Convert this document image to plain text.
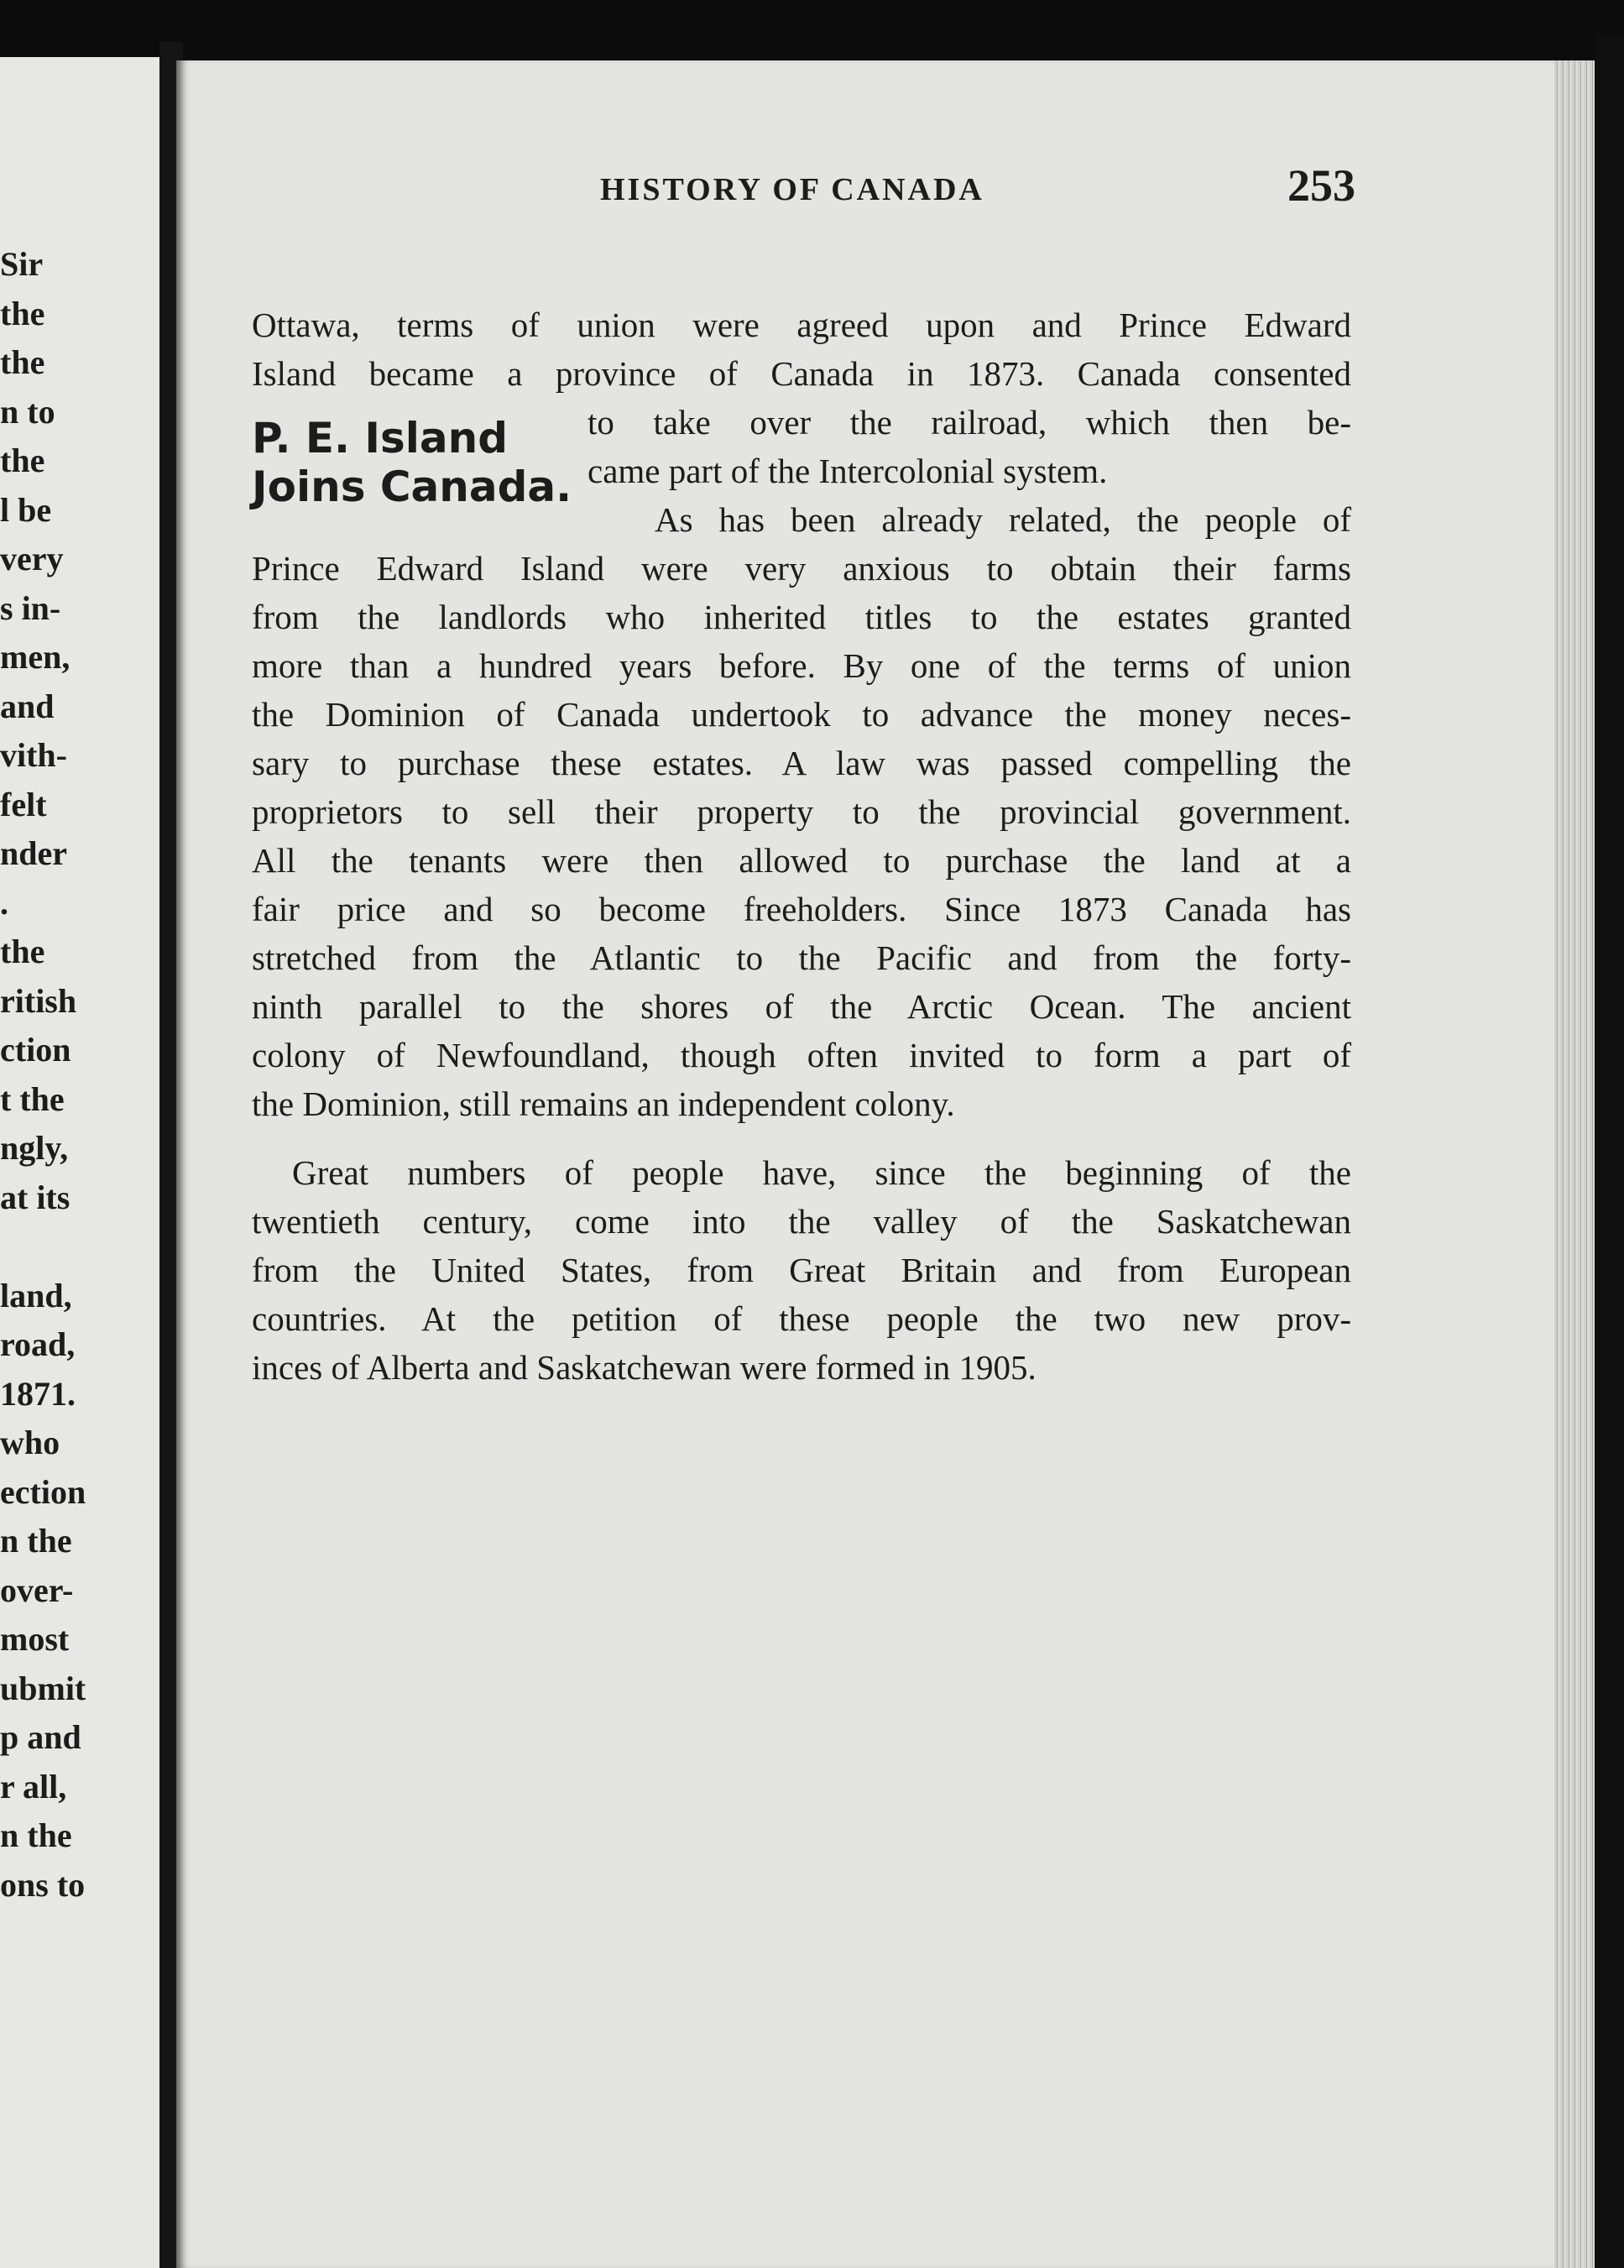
Sir
the
the
n to
the
l be
very
s in-
men,
and
vith-
felt
nder
.
the
ritish
ction
t the
ngly,
at its
land,
road,
1871.
who
ection
n the
over-
most
ubmit
p and
r all,
n the
ons to
HISTORY OF CANADA	253
Ottawa, terms of union were agreed upon and Prince Edward
Island became a province of Canada in 1873. Canada consented
P. E. Island
Joins Canada.
to take over the railroad, which then be-
came part of the Intercolonial system.
As has been already related, the people of
Prince Edward Island were very anxious to obtain their farms
from the landlords who inherited titles to the estates granted
more than a hundred years before. By one of the terms of union
the Dominion of Canada undertook to advance the money neces-
sary to purchase these estates. A law was passed compelling the
proprietors to sell their property to the provincial government.
All the tenants were then allowed to purchase the land at a
fair price and so become freeholders. Since 1873 Canada has
stretched from the Atlantic to the Pacific and from the forty-
ninth parallel to the shores of the Arctic Ocean. The ancient
colony of Newfoundland, though often invited to form a part of
the Dominion, still remains an independent colony.
Great numbers of people have, since the beginning of the
twentieth century, come into the valley of the Saskatchewan
from the United States, from Great Britain and from European
countries. At the petition of these people the two new prov-
inces of Alberta and Saskatchewan were formed in 1905.
